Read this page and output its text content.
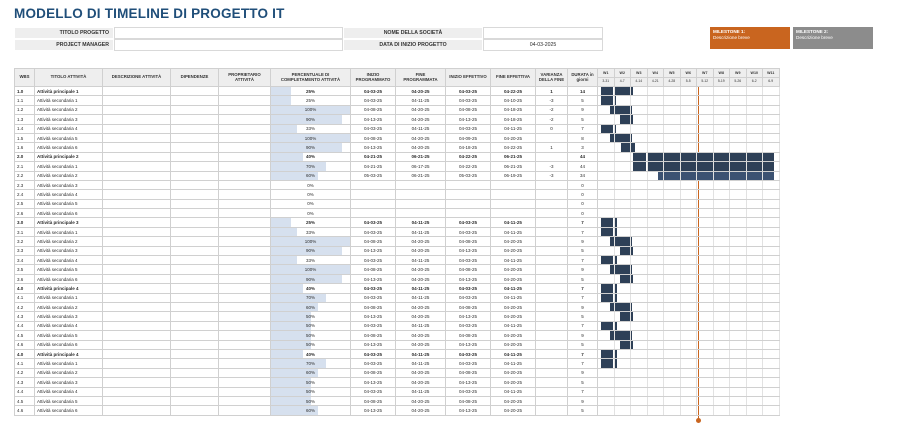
MODELLO DI TIMELINE DI PROGETTO IT
TITOLO PROGETTO	NOME DELLA SOCIETÀ
PROJECT MANAGER	DATA DI INIZIO PROGETTO	04-03-2025
MILESTONE 1:
Descrizione breve
MILESTONE 2:
Descrizione breve
WBS	TITOLO ATTIVITÀ	DESCRIZIONE ATTIVITÀ	DIPENDENZE	PROPRIETARIO ATTIVITÀ	PERCENTUALE DI COMPLETAMENTO ATTIVITÀ	INIZIO PROGRAMMATO	FINE PROGRAMMATA	INIZIO EFFETTIVO	FINE EFFETTIVA	VARIANZA DELLA FINE	DURATA in giorni	W1	W2	W3	W4	W5	W6	W7	W8	W9	W10	W11
												3-31	4-7	4-14	4-21	4-28	5-5	5-12	5-19	5-26	6-2	6-9
1.0	Attività principale 1				25%	04-03-25	04-20-25	04-03-25	04-22-25	1	14	

1.1	Attività secondaria 1				25%	04-03-25	04-11-25	04-03-25	04-10-25	-3	5	

1.2	Attività secondaria 2				100%	04-08-25	04-20-25	04-08-25	04-18-25	-2	9	

1.3	Attività secondaria 3				90%	04-13-25	04-20-25	04-13-25	04-18-25	-2	5		

1.4	Attività secondaria 4				33%	04-03-25	04-11-25	04-03-25	04-11-25	0	7	

1.5	Attività secondaria 5				100%	04-08-25	04-20-25	04-09-25	04-20-25		8	

1.6	Attività secondaria 6				90%	04-13-25	04-20-25	04-18-25	04-22-25	1	3		

2.0	Attività principale 2				40%	04-21-25	06-21-25	04-22-25	06-21-25		44			

2.1	Attività secondaria 1				70%	04-21-25	06-17-25	04-22-25	06-21-25	-3	44			

2.2	Attività secondaria 2				60%	05-03-25	06-21-25	05-03-25	06-19-25	-3	34				

2.3	Attività secondaria 3				0%						0											
2.4	Attività secondaria 4				0%						0											
2.5	Attività secondaria 5				0%						0											
2.6	Attività secondaria 6				0%						0											
3.0	Attività principale 3				25%	04-03-25	04-11-25	04-03-25	04-11-25		7	

3.1	Attività secondaria 1				33%	04-03-25	04-11-25	04-03-25	04-11-25		7	

3.2	Attività secondaria 2				100%	04-08-25	04-20-25	04-08-25	04-20-25		9	

3.3	Attività secondaria 3				90%	04-13-25	04-20-25	04-13-25	04-20-25		5		

3.4	Attività secondaria 4				33%	04-03-25	04-11-25	04-03-25	04-11-25		7	

3.5	Attività secondaria 5				100%	04-08-25	04-20-25	04-08-25	04-20-25		9	

3.6	Attività secondaria 6				90%	04-13-25	04-20-25	04-13-25	04-20-25		5		

4.0	Attività principale 4				40%	04-03-25	04-11-25	04-03-25	04-11-25		7	

4.1	Attività secondaria 1				70%	04-03-25	04-11-25	04-03-25	04-11-25		7	

4.2	Attività secondaria 2				60%	04-08-25	04-20-25	04-08-25	04-20-25		9	

4.3	Attività secondaria 3				50%	04-13-25	04-20-25	04-13-25	04-20-25		5		

4.4	Attività secondaria 4				50%	04-03-25	04-11-25	04-03-25	04-11-25		7	

4.5	Attività secondaria 5				50%	04-08-25	04-20-25	04-08-25	04-20-25		9	

4.6	Attività secondaria 6				50%	04-13-25	04-20-25	04-13-25	04-20-25		5		

4.0	Attività principale 4				40%	04-03-25	04-11-25	04-03-25	04-11-25		7	

4.1	Attività secondaria 1				70%	04-03-25	04-11-25	04-03-25	04-11-25		7	

4.2	Attività secondaria 2				60%	04-08-25	04-20-25	04-08-25	04-20-25		9											
4.3	Attività secondaria 3				50%	04-13-25	04-20-25	04-13-25	04-20-25		5											
4.4	Attività secondaria 4				50%	04-03-25	04-11-25	04-03-25	04-11-25		7											
4.5	Attività secondaria 5				50%	04-08-25	04-20-25	04-08-25	04-20-25		9											
4.6	Attività secondaria 6				60%	04-13-25	04-20-25	04-13-25	04-20-25		5											
